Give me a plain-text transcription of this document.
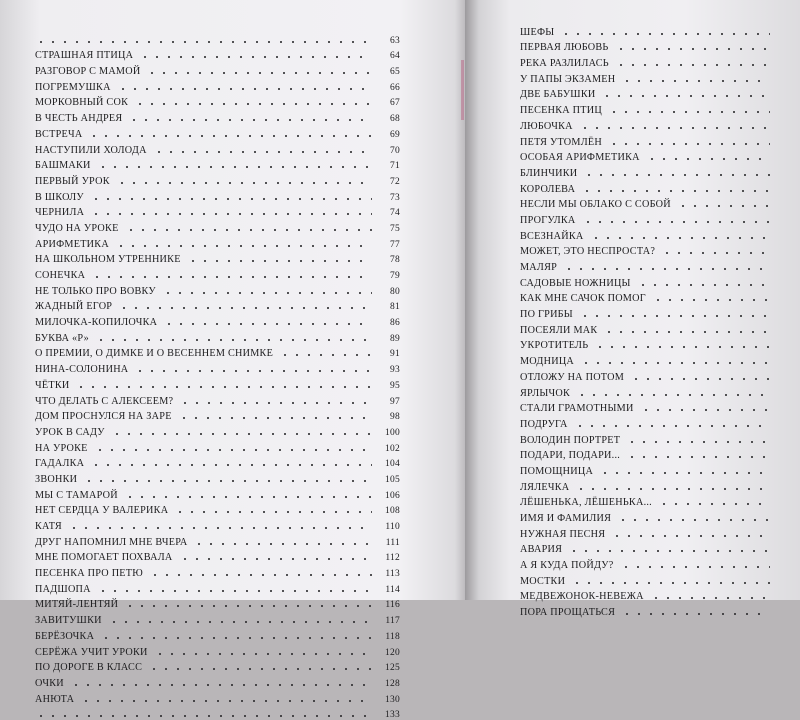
63
СТРАШНАЯ ПТИЦА	64
РАЗГОВОР С МАМОЙ	65
ПОГРЕМУШКА	66
МОРКОВНЫЙ СОК	67
В ЧЕСТЬ АНДРЕЯ	68
ВСТРЕЧА	69
НАСТУПИЛИ ХОЛОДА	70
БАШМАКИ	71
ПЕРВЫЙ УРОК	72
В ШКОЛУ	73
ЧЕРНИЛА	74
ЧУДО НА УРОКЕ	75
АРИФМЕТИКА	77
НА ШКОЛЬНОМ УТРЕННИКЕ	78
СОНЕЧКА	79
НЕ ТОЛЬКО ПРО ВОВКУ	80
ЖАДНЫЙ ЕГОР	81
МИЛОЧКА-КОПИЛОЧКА	86
БУКВА «Р»	89
О ПРЕМИИ, О ДИМКЕ И О ВЕСЕННЕМ СНИМКЕ	91
НИНА-СОЛОНИНА	93
ЧЁТКИ	95
ЧТО ДЕЛАТЬ С АЛЕКСЕЕМ?	97
ДОМ ПРОСНУЛСЯ НА ЗАРЕ	98
УРОК В САДУ	100
НА УРОКЕ	102
ГАДАЛКА	104
ЗВОНКИ	105
МЫ С ТАМАРОЙ	106
НЕТ СЕРДЦА У ВАЛЕРИКА	108
КАТЯ	110
ДРУГ НАПОМНИЛ МНЕ ВЧЕРА	111
МНЕ ПОМОГАЕТ ПОХВАЛА	112
ПЕСЕНКА ПРО ПЕТЮ	113
ПАДШОПА	114
МИТЯЙ-ЛЕНТЯЙ	116
ЗАВИТУШКИ	117
БЕРЁЗОЧКА	118
СЕРЁЖА УЧИТ УРОКИ	120
ПО ДОРОГЕ В КЛАСС	125
ОЧКИ	128
АНЮТА	130
133
ШЕФЫ
ПЕРВАЯ ЛЮБОВЬ
РЕКА РАЗЛИЛАСЬ
У ПАПЫ ЭКЗАМЕН
ДВЕ БАБУШКИ
ПЕСЕНКА ПТИЦ
ЛЮБОЧКА
ПЕТЯ УТОМЛЁН
ОСОБАЯ АРИФМЕТИКА
БЛИНЧИКИ
КОРОЛЕВА
НЕСЛИ МЫ ОБЛАКО С СОБОЙ
ПРОГУЛКА
ВСЕЗНАЙКА
МОЖЕТ, ЭТО НЕСПРОСТА?
МАЛЯР
САДОВЫЕ НОЖНИЦЫ
КАК МНЕ САЧОК ПОМОГ
ПО ГРИБЫ
ПОСЕЯЛИ МАК
УКРОТИТЕЛЬ
МОДНИЦА
ОТЛОЖУ НА ПОТОМ
ЯРЛЫЧОК
СТАЛИ ГРАМОТНЫМИ
ПОДРУГА
ВОЛОДИН ПОРТРЕТ
ПОДАРИ, ПОДАРИ...
ПОМОЩНИЦА
ЛЯЛЕЧКА
ЛЁШЕНЬКА, ЛЁШЕНЬКА...
ИМЯ И ФАМИЛИЯ
НУЖНАЯ ПЕСНЯ
АВАРИЯ
А Я КУДА ПОЙДУ?
МОСТКИ
МЕДВЕЖОНОК-НЕВЕЖА
ПОРА ПРОЩАТЬСЯ
